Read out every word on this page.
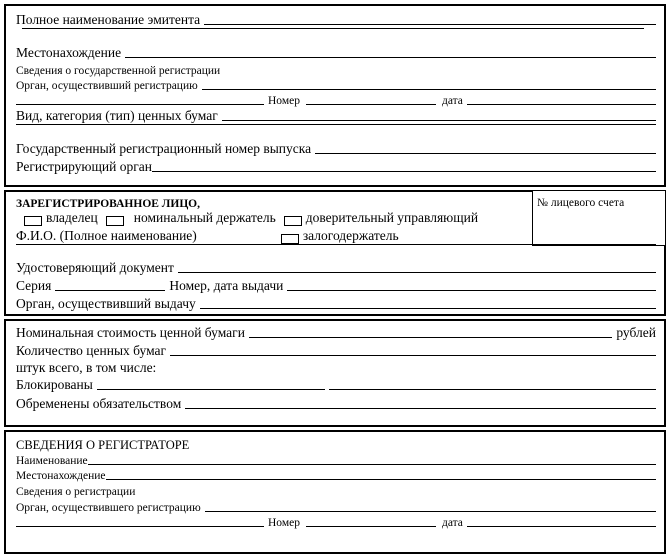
Полное наименование эмитента
Местонахождение
Сведения о государственной регистрации
Орган, осуществивший регистрацию
Номер	дата
Вид, категория (тип) ценных бумаг
Государственный регистрационный номер выпуска
Регистрирующий орган
№ лицевого счета
ЗАРЕГИСТРИРОВАННОЕ ЛИЦО,
владелец	номинальный держатель доверительный управляющий
Ф.И.О. (Полное наименование)	залогодержатель
Удостоверяющий документ
Серия	Номер, дата выдачи
Орган, осуществивший выдачу
Номинальная стоимость ценной бумаги	рублей
Количество ценных бумаг
штук всего, в том числе:
Блокированы
Обременены обязательством
СВЕДЕНИЯ О РЕГИСТРАТОРЕ
Наименование
Местонахождение
Сведения о регистрации
Орган, осуществившего регистрацию
Номер	дата
